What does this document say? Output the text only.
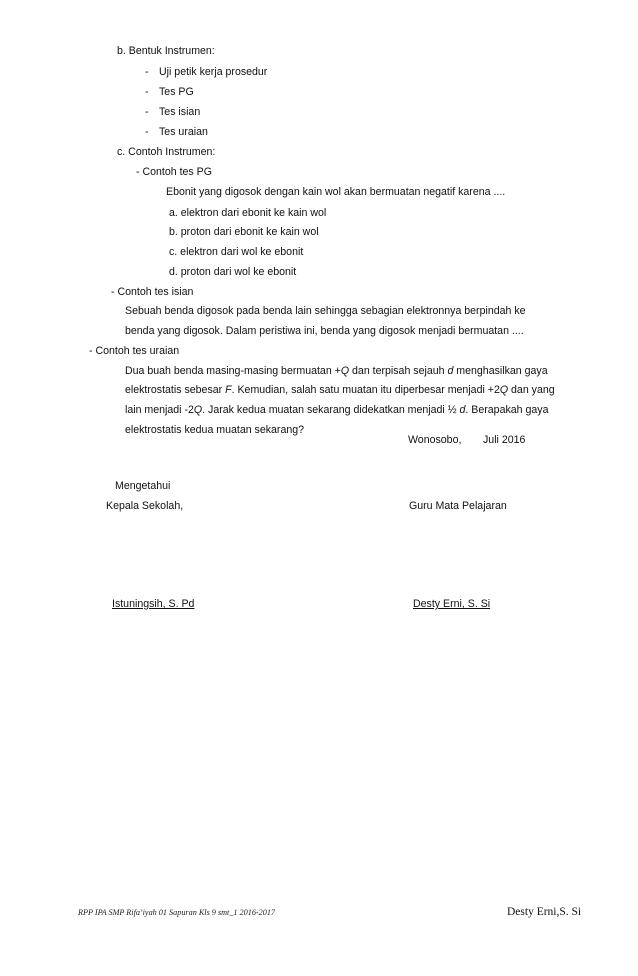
b. Bentuk Instrumen:
- Uji petik kerja prosedur
- Tes PG
- Tes isian
- Tes uraian
c. Contoh Instrumen:
- Contoh tes PG
Ebonit yang digosok dengan kain wol akan bermuatan negatif karena ....
a. elektron dari ebonit ke kain wol
b. proton dari ebonit ke kain wol
c. elektron dari wol ke ebonit
d. proton dari wol ke ebonit
- Contoh tes isian
Sebuah benda digosok pada benda lain sehingga sebagian elektronnya berpindah ke
benda yang digosok. Dalam peristiwa ini, benda yang digosok menjadi bermuatan ....
- Contoh tes uraian
Dua buah benda masing-masing bermuatan +Q dan terpisah sejauh d menghasilkan gaya
elektrostatis sebesar F. Kemudian, salah satu muatan itu diperbesar menjadi +2Q dan yang
lain menjadi -2Q. Jarak kedua muatan sekarang didekatkan menjadi ½ d. Berapakah gaya
elektrostatis kedua muatan sekarang?
Wonosobo, Juli 2016
Mengetahui
Kepala Sekolah,	Guru Mata Pelajaran
Istuningsih, S. Pd	Desty Erni, S. Si
RPP IPA SMP Rifa’iyah 01 Sapuran Kls 9 smt_1 2016-2017	Desty Erni,S. Si
